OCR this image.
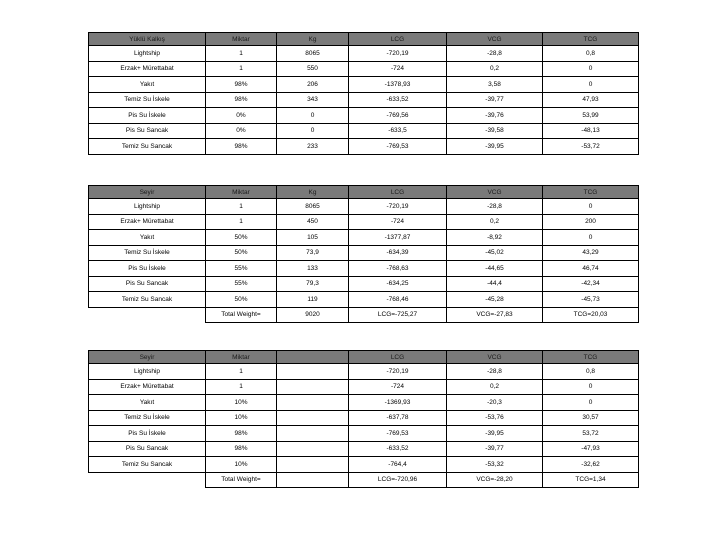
Yüklü Kalkış	Miktar	Kg	LCG	VCG	TCG
Lightship	1	8065	-720,19	-28,8	0,8
Erzak+ Mürettabat	1	550	-724	0,2	0
Yakıt	98%	206	-1378,93	3,58	0
Temiz Su İskele	98%	343	-633,52	-39,77	47,93
Pis Su İskele	0%	0	-769,56	-39,76	53,99
Pis Su Sancak	0%	0	-633,5	-39,58	-48,13
Temiz Su Sancak	98%	233	-769,53	-39,95	-53,72
Seyir	Miktar	Kg	LCG	VCG	TCG
Lightship	1	8065	-720,19	-28,8	0
Erzak+ Mürettabat	1	450	-724	0,2	200
Yakıt	50%	105	-1377,87	-8,92	0
Temiz Su İskele	50%	73,9	-634,39	-45,02	43,29
Pis Su İskele	55%	133	-768,63	-44,65	46,74
Pis Su Sancak	55%	79,3	-634,25	-44,4	-42,34
Temiz Su Sancak	50%	119	-768,46	-45,28	-45,73
	Total Weight=	9020	LCG=-725,27	VCG=-27,83	TCG=20,03
Seyir	Miktar		LCG	VCG	TCG
Lightship	1		-720,19	-28,8	0,8
Erzak+ Mürettabat	1		-724	0,2	0
Yakıt	10%		-1369,93	-20,3	0
Temiz Su İskele	10%		-637,78	-53,76	30,57
Pis Su İskele	98%		-769,53	-39,95	53,72
Pis Su Sancak	98%		-633,52	-39,77	-47,93
Temiz Su Sancak	10%		-764,4	-53,32	-32,62
	Total Weight=		LCG=-720,96	VCG=-28,20	TCG=1,34
